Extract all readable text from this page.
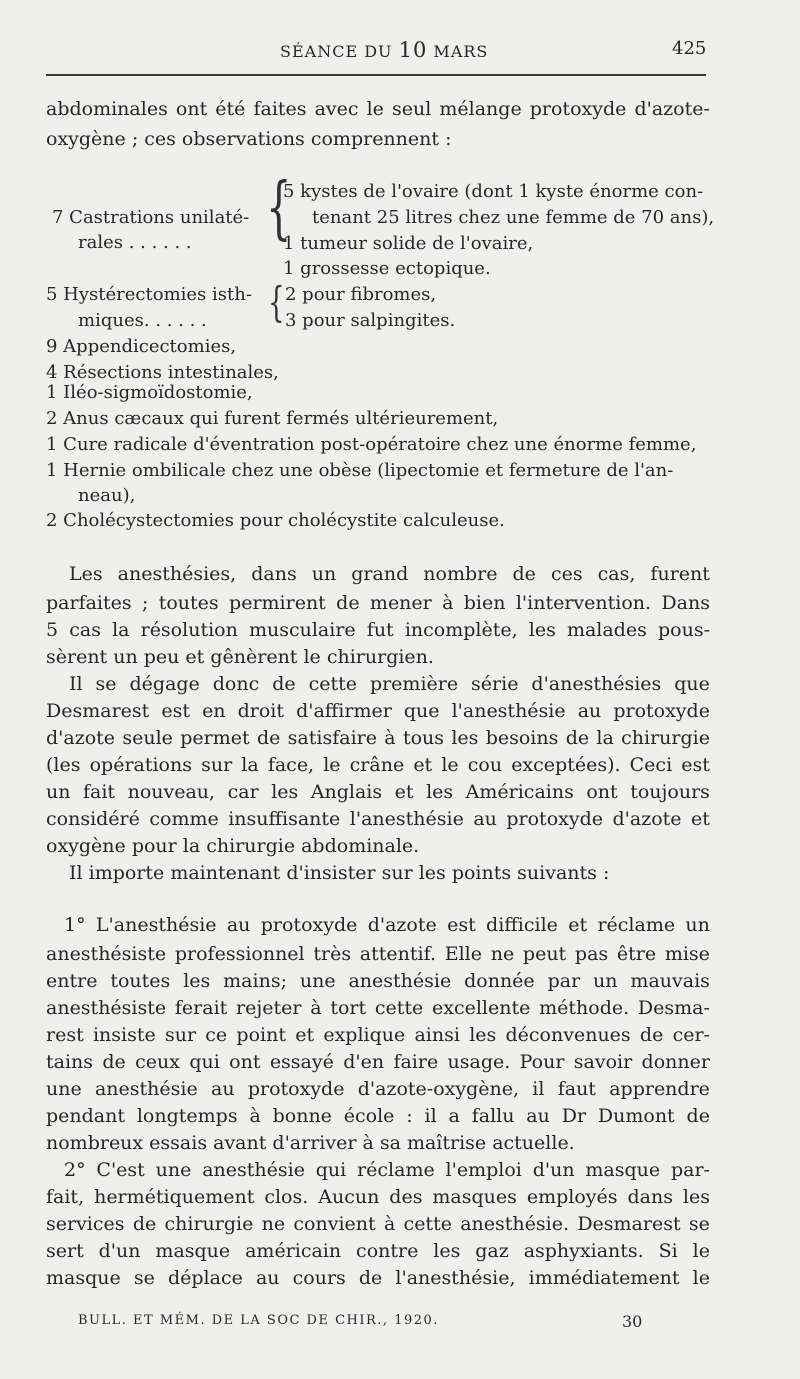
SÉANCE DU 10 MARS	425
abdominales ont été faites avec le seul mélange protoxyde d'azote-
oxygène ; ces observations comprennent :
7 Castrations unilaté-
rales . . . . . . {
5 kystes de l'ovaire (dont 1 kyste énorme con-
tenant 25 litres chez une femme de 70 ans),
1 tumeur solide de l'ovaire,
1 grossesse ectopique.
5 Hystérectomies isth-
miques. . . . . . { 2 pour fibromes,
3 pour salpingites.
9 Appendicectomies,
4 Résections intestinales,
1 Iléo-sigmoïdostomie,
2 Anus cæcaux qui furent fermés ultérieurement,
1 Cure radicale d'éventration post-opératoire chez une énorme femme,
1 Hernie ombilicale chez une obèse (lipectomie et fermeture de l'an-
neau),
2 Cholécystectomies pour cholécystite calculeuse.
Les anesthésies, dans un grand nombre de ces cas, furent
parfaites ; toutes permirent de mener à bien l'intervention. Dans
5 cas la résolution musculaire fut incomplète, les malades pous-
sèrent un peu et gênèrent le chirurgien.
Il se dégage donc de cette première série d'anesthésies que
Desmarest est en droit d'affirmer que l'anesthésie au protoxyde
d'azote seule permet de satisfaire à tous les besoins de la chirurgie
(les opérations sur la face, le crâne et le cou exceptées). Ceci est
un fait nouveau, car les Anglais et les Américains ont toujours
considéré comme insuffisante l'anesthésie au protoxyde d'azote et
oxygène pour la chirurgie abdominale.
Il importe maintenant d'insister sur les points suivants :
1° L'anesthésie au protoxyde d'azote est difficile et réclame un
anesthésiste professionnel très attentif. Elle ne peut pas être mise
entre toutes les mains; une anesthésie donnée par un mauvais
anesthésiste ferait rejeter à tort cette excellente méthode. Desma-
rest insiste sur ce point et explique ainsi les déconvenues de cer-
tains de ceux qui ont essayé d'en faire usage. Pour savoir donner
une anesthésie au protoxyde d'azote-oxygène, il faut apprendre
pendant longtemps à bonne école : il a fallu au Dr Dumont de
nombreux essais avant d'arriver à sa maîtrise actuelle.
2° C'est une anesthésie qui réclame l'emploi d'un masque par-
fait, hermétiquement clos. Aucun des masques employés dans les
services de chirurgie ne convient à cette anesthésie. Desmarest se
sert d'un masque américain contre les gaz asphyxiants. Si le
masque se déplace au cours de l'anesthésie, immédiatement le
BULL. ET MÉM. DE LA SOC DE CHIR., 1920.	30
